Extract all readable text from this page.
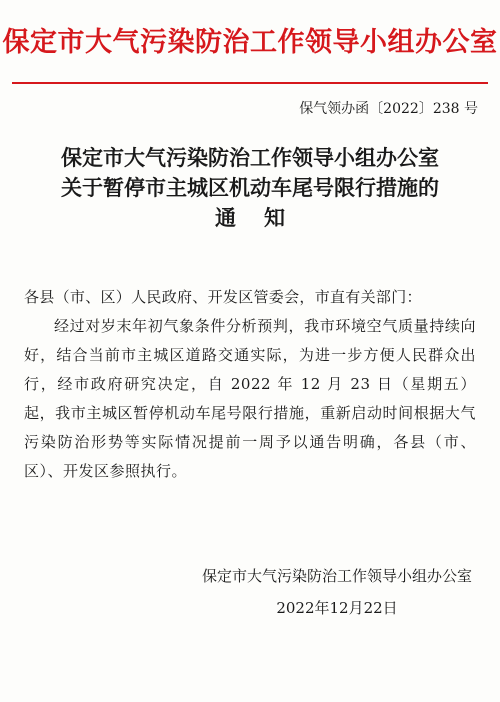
保定市大气污染防治工作领导小组办公室
保气领办函〔2022〕238 号
保定市大气污染防治工作领导小组办公室
关于暂停市主城区机动车尾号限行措施的
通知
各县（市、区）人民政府、开发区管委会，市直有关部门：
经过对岁末年初气象条件分析预判，我市环境空气质量持续向好，结合当前市主城区道路交通实际，为进一步方便人民群众出行，经市政府研究决定，自 2022 年 12 月 23 日（星期五）起，我市主城区暂停机动车尾号限行措施，重新启动时间根据大气污染防治形势等实际情况提前一周予以通告明确，各县（市、区）、开发区参照执行。
保定市大气污染防治工作领导小组办公室
2022年12月22日
